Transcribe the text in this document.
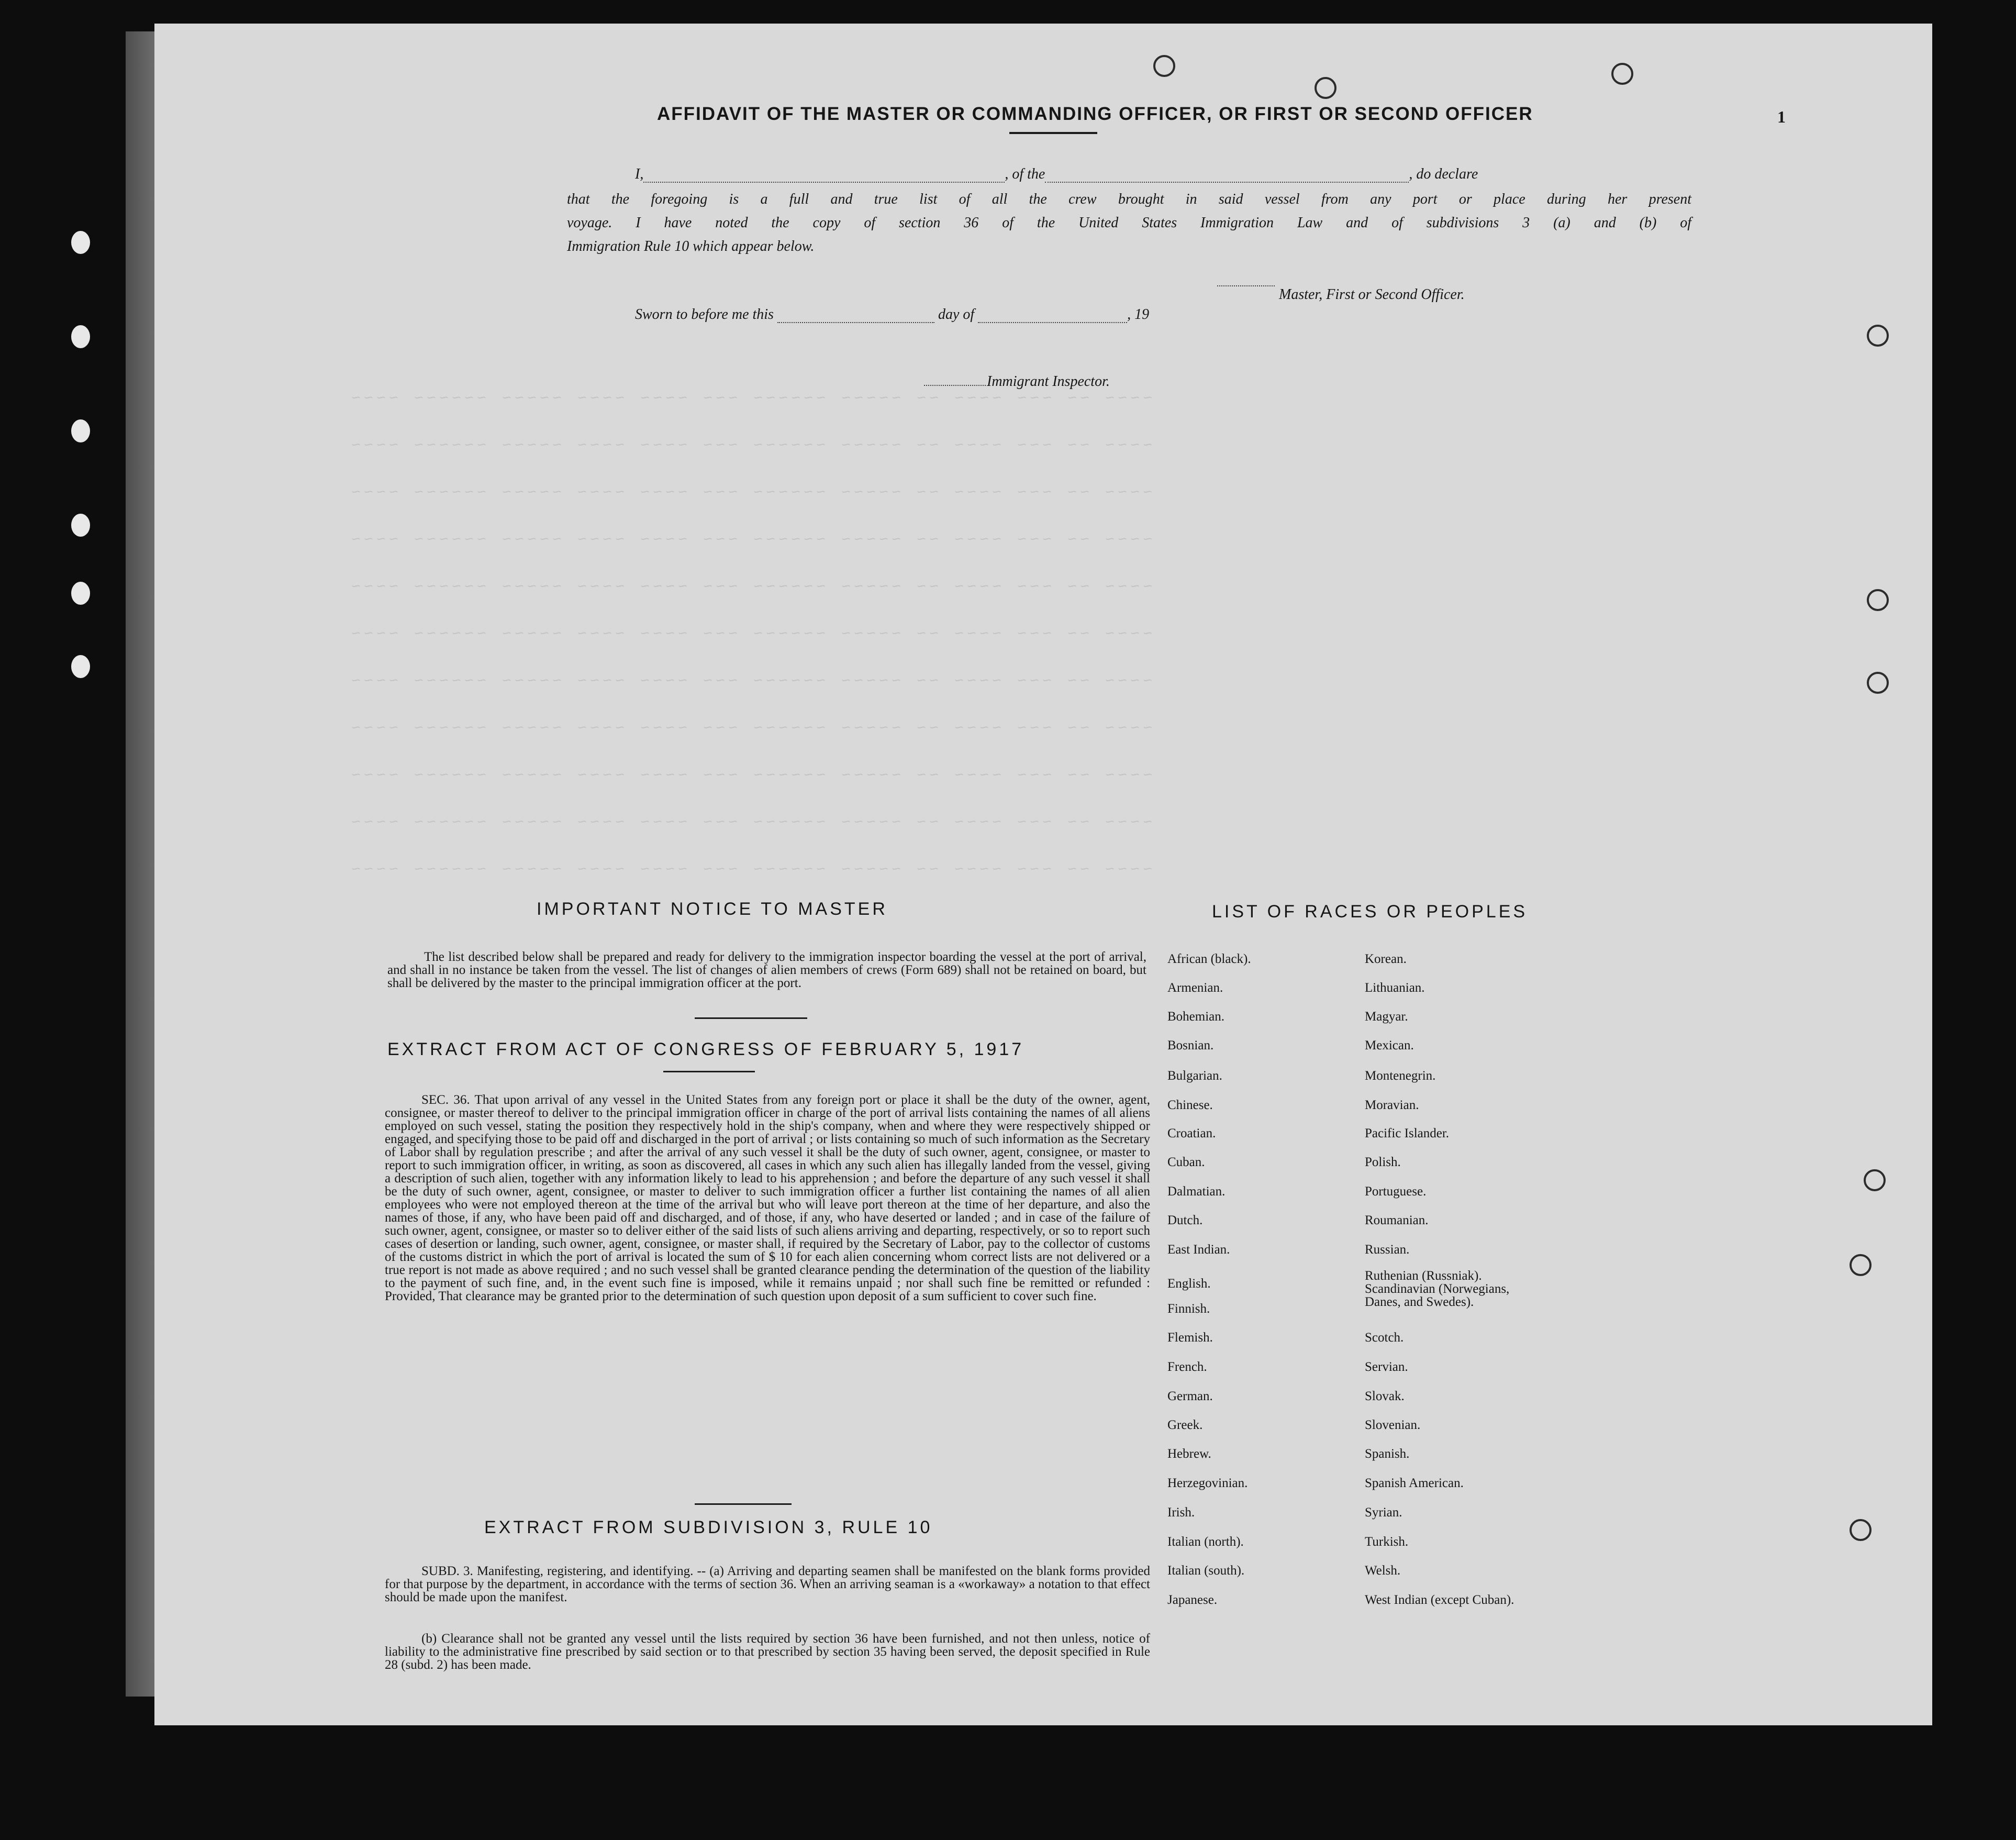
~~~~ ~~ ~~~ ~~~~ ~~ ~~~~~ ~~~~~~ ~~~ ~~~~ ~~~~ ~~~~~ ~~~~~~ ~~~~
~~~~ ~~ ~~~ ~~~~ ~~ ~~~~~ ~~~~~~ ~~~ ~~~~ ~~~~ ~~~~~ ~~~~~~ ~~~~
~~~~ ~~ ~~~ ~~~~ ~~ ~~~~~ ~~~~~~ ~~~ ~~~~ ~~~~ ~~~~~ ~~~~~~ ~~~~
~~~~ ~~ ~~~ ~~~~ ~~ ~~~~~ ~~~~~~ ~~~ ~~~~ ~~~~ ~~~~~ ~~~~~~ ~~~~
~~~~ ~~ ~~~ ~~~~ ~~ ~~~~~ ~~~~~~ ~~~ ~~~~ ~~~~ ~~~~~ ~~~~~~ ~~~~
~~~~ ~~ ~~~ ~~~~ ~~ ~~~~~ ~~~~~~ ~~~ ~~~~ ~~~~ ~~~~~ ~~~~~~ ~~~~
~~~~ ~~ ~~~ ~~~~ ~~ ~~~~~ ~~~~~~ ~~~ ~~~~ ~~~~ ~~~~~ ~~~~~~ ~~~~
~~~~ ~~ ~~~ ~~~~ ~~ ~~~~~ ~~~~~~ ~~~ ~~~~ ~~~~ ~~~~~ ~~~~~~ ~~~~
~~~~ ~~ ~~~ ~~~~ ~~ ~~~~~ ~~~~~~ ~~~ ~~~~ ~~~~ ~~~~~ ~~~~~~ ~~~~
~~~~ ~~ ~~~ ~~~~ ~~ ~~~~~ ~~~~~~ ~~~ ~~~~ ~~~~ ~~~~~ ~~~~~~ ~~~~
~~~~ ~~ ~~~ ~~~~ ~~ ~~~~~ ~~~~~~ ~~~ ~~~~ ~~~~ ~~~~~ ~~~~~~ ~~~~
1
AFFIDAVIT OF THE MASTER OR COMMANDING OFFICER, OR FIRST OR SECOND OFFICER
I,	, of the	, do declare
that the foregoing is a full and true list of all the crew brought in said vessel from any port or place during her present
voyage. I have noted the copy of section 36 of the United States Immigration Law and of subdivisions 3 (a) and (b) of
Immigration Rule 10 which appear below.
Master, First or Second Officer.
Sworn to before me this	day of	, 19
Immigrant Inspector.
IMPORTANT NOTICE TO MASTER
The list described below shall be prepared and ready for delivery to the immigration inspector boarding the vessel at the port of arrival, and shall in no instance be taken from the vessel. The list of changes of alien members of crews (Form 689) shall not be retained on board, but shall be delivered by the master to the principal immigration officer at the port.
EXTRACT FROM ACT OF CONGRESS OF FEBRUARY 5, 1917
SEC. 36. That upon arrival of any vessel in the United States from any foreign port or place it shall be the duty of the owner, agent, consignee, or master thereof to deliver to the principal immigration officer in charge of the port of arrival lists containing the names of all aliens employed on such vessel, stating the position they respectively hold in the ship's company, when and where they were respectively shipped or engaged, and specifying those to be paid off and discharged in the port of arrival ; or lists containing so much of such information as the Secretary of Labor shall by regulation prescribe ; and after the arrival of any such vessel it shall be the duty of such owner, agent, consignee, or master to report to such immigration officer, in writing, as soon as discovered, all cases in which any such alien has illegally landed from the vessel, giving a description of such alien, together with any information likely to lead to his apprehension ; and before the departure of any such vessel it shall be the duty of such owner, agent, consignee, or master to deliver to such immigration officer a further list containing the names of all alien employees who were not employed thereon at the time of the arrival but who will leave port thereon at the time of her departure, and also the names of those, if any, who have been paid off and discharged, and of those, if any, who have deserted or landed ; and in case of the failure of such owner, agent, consignee, or master so to deliver either of the said lists of such aliens arriving and departing, respectively, or so to report such cases of desertion or landing, such owner, agent, consignee, or master shall, if required by the Secretary of Labor, pay to the collector of customs of the customs district in which the port of arrival is located the sum of $ 10 for each alien concerning whom correct lists are not delivered or a true report is not made as above required ; and no such vessel shall be granted clearance pending the determination of the question of the liability to the payment of such fine, and, in the event such fine is imposed, while it remains unpaid ; nor shall such fine be remitted or refunded : Provided, That clearance may be granted prior to the determination of such question upon deposit of a sum sufficient to cover such fine.
EXTRACT FROM SUBDIVISION 3, RULE 10
SUBD. 3. Manifesting, registering, and identifying. -- (a) Arriving and departing seamen shall be manifested on the blank forms provided for that purpose by the department, in accordance with the terms of section 36. When an arriving seaman is a «workaway» a notation to that effect should be made upon the manifest.
(b) Clearance shall not be granted any vessel until the lists required by section 36 have been furnished, and not then unless, notice of liability to the administrative fine prescribed by said section or to that prescribed by section 35 having been served, the deposit specified in Rule 28 (subd. 2) has been made.
LIST OF RACES OR PEOPLES
African (black).
Armenian.
Bohemian.
Bosnian.
Bulgarian.
Chinese.
Croatian.
Cuban.
Dalmatian.
Dutch.
East Indian.
English.
Finnish.
Flemish.
French.
German.
Greek.
Hebrew.
Herzegovinian.
Irish.
Italian (north).
Italian (south).
Japanese.
Korean.
Lithuanian.
Magyar.
Mexican.
Montenegrin.
Moravian.
Pacific Islander.
Polish.
Portuguese.
Roumanian.
Russian.
Ruthenian (Russniak).
Scandinavian (Norwegians,
Danes, and Swedes).
Scotch.
Servian.
Slovak.
Slovenian.
Spanish.
Spanish American.
Syrian.
Turkish.
Welsh.
West Indian (except Cuban).
